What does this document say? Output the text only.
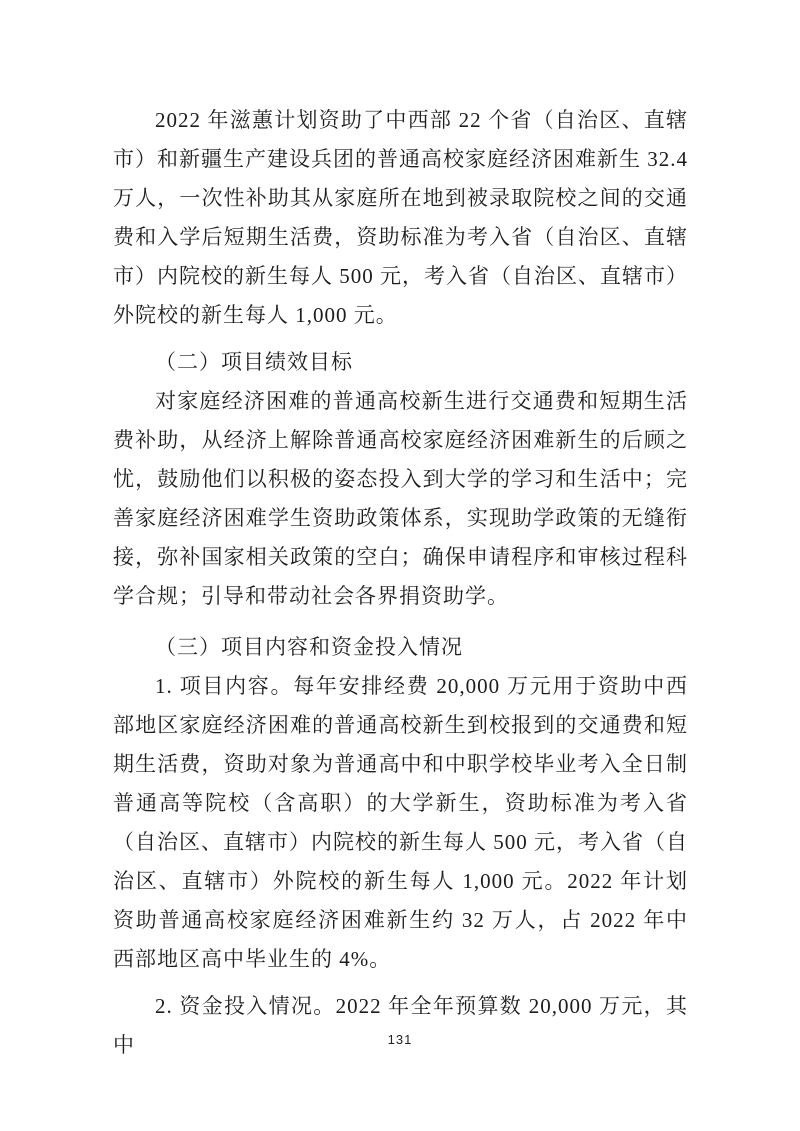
2022 年滋蕙计划资助了中西部 22 个省（自治区、直辖市）和新疆生产建设兵团的普通高校家庭经济困难新生 32.4 万人，一次性补助其从家庭所在地到被录取院校之间的交通费和入学后短期生活费，资助标准为考入省（自治区、直辖市）内院校的新生每人 500 元，考入省（自治区、直辖市）外院校的新生每人 1,000 元。

（二）项目绩效目标

对家庭经济困难的普通高校新生进行交通费和短期生活费补助，从经济上解除普通高校家庭经济困难新生的后顾之忧，鼓励他们以积极的姿态投入到大学的学习和生活中；完善家庭经济困难学生资助政策体系，实现助学政策的无缝衔接，弥补国家相关政策的空白；确保申请程序和审核过程科学合规；引导和带动社会各界捐资助学。

（三）项目内容和资金投入情况

1. 项目内容。每年安排经费 20,000 万元用于资助中西部地区家庭经济困难的普通高校新生到校报到的交通费和短期生活费，资助对象为普通高中和中职学校毕业考入全日制普通高等院校（含高职）的大学新生，资助标准为考入省（自治区、直辖市）内院校的新生每人 500 元，考入省（自治区、直辖市）外院校的新生每人 1,000 元。2022 年计划资助普通高校家庭经济困难新生约 32 万人，占 2022 年中西部地区高中毕业生的 4%。

2. 资金投入情况。2022 年全年预算数 20,000 万元，其中	131
